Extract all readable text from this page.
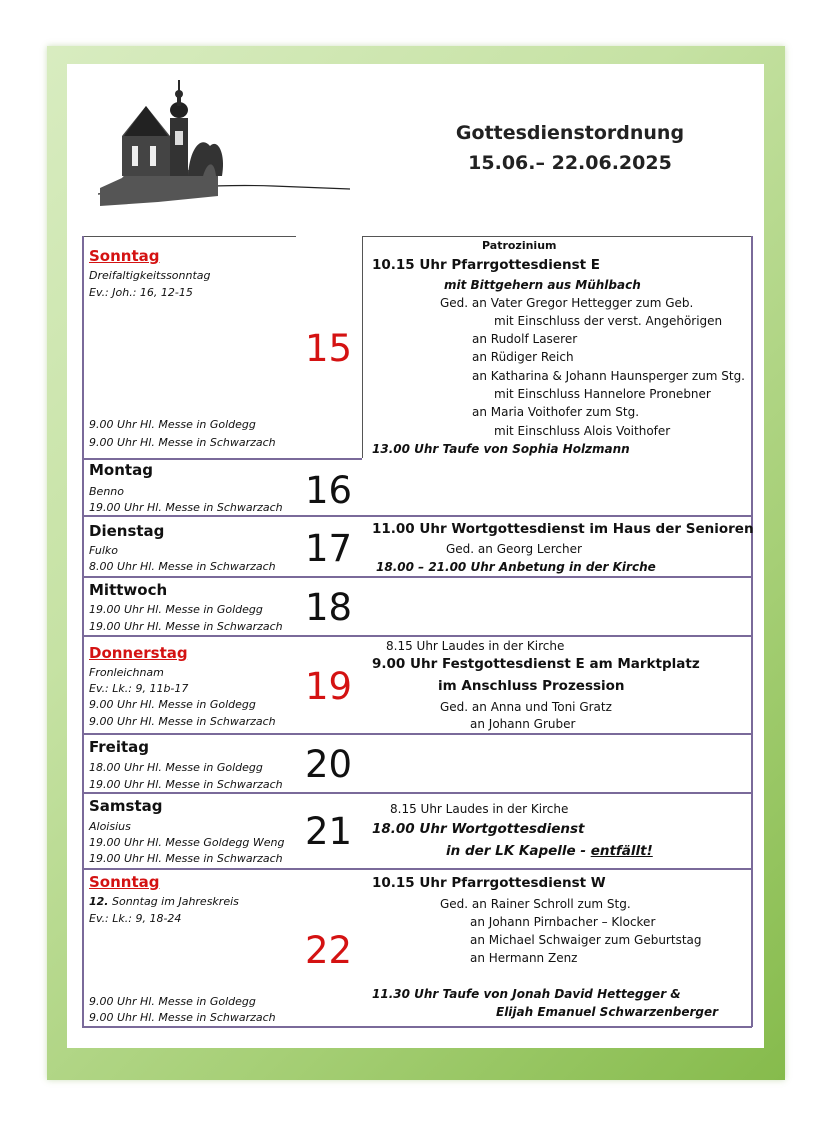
Gottesdienstordnung
15.06.– 22.06.2025
Sonntag
Dreifaltigkeitssonntag
Ev.: Joh.: 16, 12-15
15
9.00 Uhr Hl. Messe in Goldegg
9.00 Uhr Hl. Messe in Schwarzach
Patrozinium
10.15 Uhr Pfarrgottesdienst E
mit Bittgehern aus Mühlbach
Ged. an Vater Gregor Hettegger zum Geb.
mit Einschluss der verst. Angehörigen
an Rudolf Laserer
an Rüdiger Reich
an Katharina & Johann Haunsperger zum Stg.
mit Einschluss Hannelore Pronebner
an Maria Voithofer zum Stg.
mit Einschluss Alois Voithofer
13.00 Uhr Taufe von Sophia Holzmann
Montag
Benno
19.00 Uhr Hl. Messe in Schwarzach 16
Dienstag
Fulko
8.00 Uhr Hl. Messe in Schwarzach 17 11.00 Uhr Wortgottesdienst im Haus der Senioren
Ged. an Georg Lercher
18.00 – 21.00 Uhr Anbetung in der Kirche
Mittwoch
19.00 Uhr Hl. Messe in Goldegg
19.00 Uhr Hl. Messe in Schwarzach 18
Donnerstag
Fronleichnam
Ev.: Lk.: 9, 11b-17
9.00 Uhr Hl. Messe in Goldegg
9.00 Uhr Hl. Messe in Schwarzach
19
8.15 Uhr Laudes in der Kirche
9.00 Uhr Festgottesdienst E am Marktplatz
im Anschluss Prozession
Ged. an Anna und Toni Gratz
an Johann Gruber
Freitag
18.00 Uhr Hl. Messe in Goldegg
19.00 Uhr Hl. Messe in Schwarzach 20
Samstag
Aloisius
19.00 Uhr Hl. Messe Goldegg Weng
19.00 Uhr Hl. Messe in Schwarzach
21
8.15 Uhr Laudes in der Kirche
18.00 Uhr Wortgottesdienst
in der LK Kapelle - entfällt!
Sonntag
12. Sonntag im Jahreskreis
Ev.: Lk.: 9, 18-24
22
9.00 Uhr Hl. Messe in Goldegg
9.00 Uhr Hl. Messe in Schwarzach
10.15 Uhr Pfarrgottesdienst W
Ged. an Rainer Schroll zum Stg.
an Johann Pirnbacher – Klocker
an Michael Schwaiger zum Geburtstag
an Hermann Zenz
11.30 Uhr Taufe von Jonah David Hettegger &
Elijah Emanuel Schwarzenberger
